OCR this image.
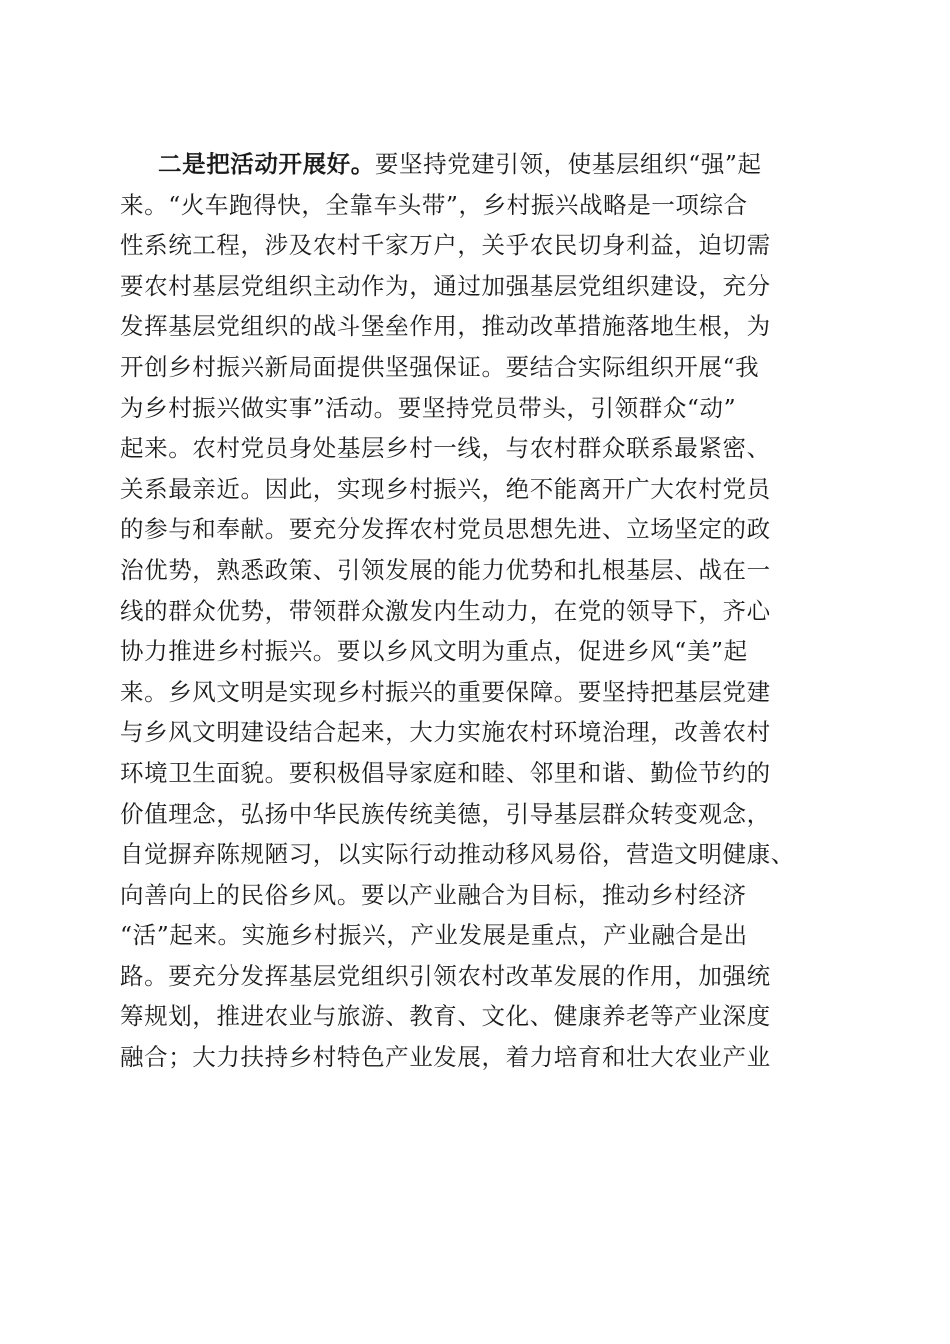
二是把活动开展好。要坚持党建引领，使基层组织“强”起
来。“火车跑得快，全靠车头带”，乡村振兴战略是一项综合
性系统工程，涉及农村千家万户，关乎农民切身利益，迫切需
要农村基层党组织主动作为，通过加强基层党组织建设，充分
发挥基层党组织的战斗堡垒作用，推动改革措施落地生根，为
开创乡村振兴新局面提供坚强保证。要结合实际组织开展“我
为乡村振兴做实事”活动。要坚持党员带头，引领群众“动”
起来。农村党员身处基层乡村一线，与农村群众联系最紧密、
关系最亲近。因此，实现乡村振兴，绝不能离开广大农村党员
的参与和奉献。要充分发挥农村党员思想先进、立场坚定的政
治优势，熟悉政策、引领发展的能力优势和扎根基层、战在一
线的群众优势，带领群众激发内生动力，在党的领导下，齐心
协力推进乡村振兴。要以乡风文明为重点，促进乡风“美”起
来。乡风文明是实现乡村振兴的重要保障。要坚持把基层党建
与乡风文明建设结合起来，大力实施农村环境治理，改善农村
环境卫生面貌。要积极倡导家庭和睦、邻里和谐、勤俭节约的
价值理念，弘扬中华民族传统美德，引导基层群众转变观念，
自觉摒弃陈规陋习，以实际行动推动移风易俗，营造文明健康、
向善向上的民俗乡风。要以产业融合为目标，推动乡村经济
“活”起来。实施乡村振兴，产业发展是重点，产业融合是出
路。要充分发挥基层党组织引领农村改革发展的作用，加强统
筹规划，推进农业与旅游、教育、文化、健康养老等产业深度
融合；大力扶持乡村特色产业发展，着力培育和壮大农业产业
